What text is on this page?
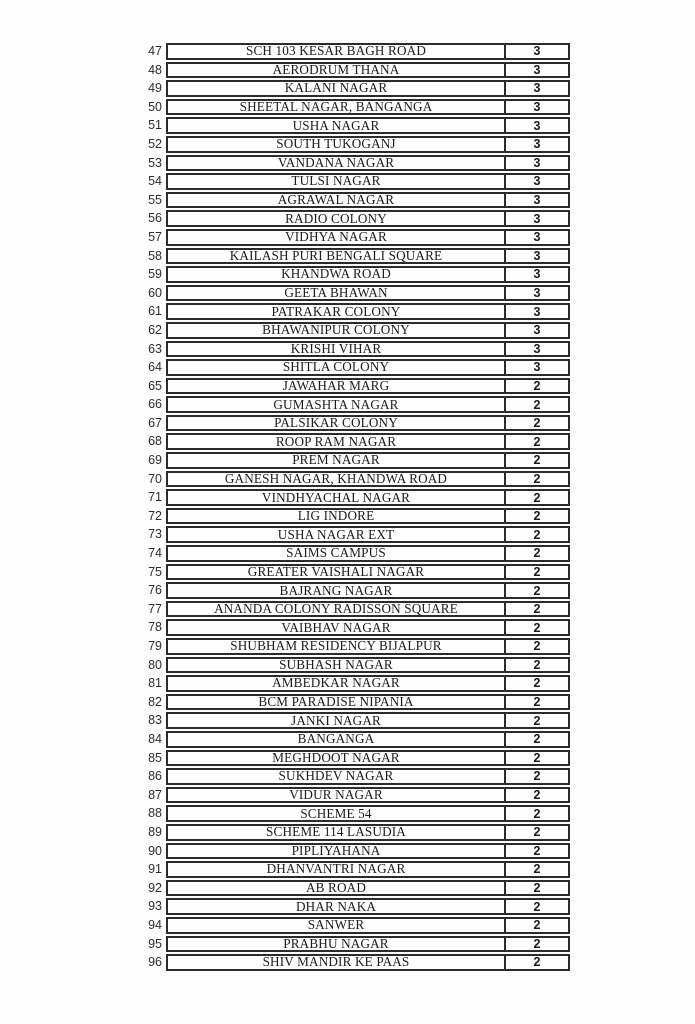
47	SCH 103 KESAR BAGH ROAD	3
48	AERODRUM THANA	3
49	KALANI NAGAR	3
50	SHEETAL NAGAR, BANGANGA	3
51	USHA NAGAR	3
52	SOUTH TUKOGANJ	3
53	VANDANA NAGAR	3
54	TULSI NAGAR	3
55	AGRAWAL NAGAR	3
56	RADIO COLONY	3
57	VIDHYA NAGAR	3
58	KAILASH PURI BENGALI SQUARE	3
59	KHANDWA ROAD	3
60	GEETA BHAWAN	3
61	PATRAKAR COLONY	3
62	BHAWANIPUR COLONY	3
63	KRISHI VIHAR	3
64	SHITLA COLONY	3
65	JAWAHAR MARG	2
66	GUMASHTA NAGAR	2
67	PALSIKAR COLONY	2
68	ROOP RAM NAGAR	2
69	PREM NAGAR	2
70	GANESH NAGAR, KHANDWA ROAD	2
71	VINDHYACHAL NAGAR	2
72	LIG INDORE	2
73	USHA NAGAR EXT	2
74	SAIMS CAMPUS	2
75	GREATER VAISHALI NAGAR	2
76	BAJRANG NAGAR	2
77	ANANDA COLONY RADISSON SQUARE	2
78	VAIBHAV NAGAR	2
79	SHUBHAM RESIDENCY BIJALPUR	2
80	SUBHASH NAGAR	2
81	AMBEDKAR NAGAR	2
82	BCM PARADISE NIPANIA	2
83	JANKI NAGAR	2
84	BANGANGA	2
85	MEGHDOOT NAGAR	2
86	SUKHDEV NAGAR	2
87	VIDUR NAGAR	2
88	SCHEME 54	2
89	SCHEME 114 LASUDIA	2
90	PIPLIYAHANA	2
91	DHANVANTRI NAGAR	2
92	AB ROAD	2
93	DHAR NAKA	2
94	SANWER	2
95	PRABHU NAGAR	2
96	SHIV MANDIR KE PAAS	2
